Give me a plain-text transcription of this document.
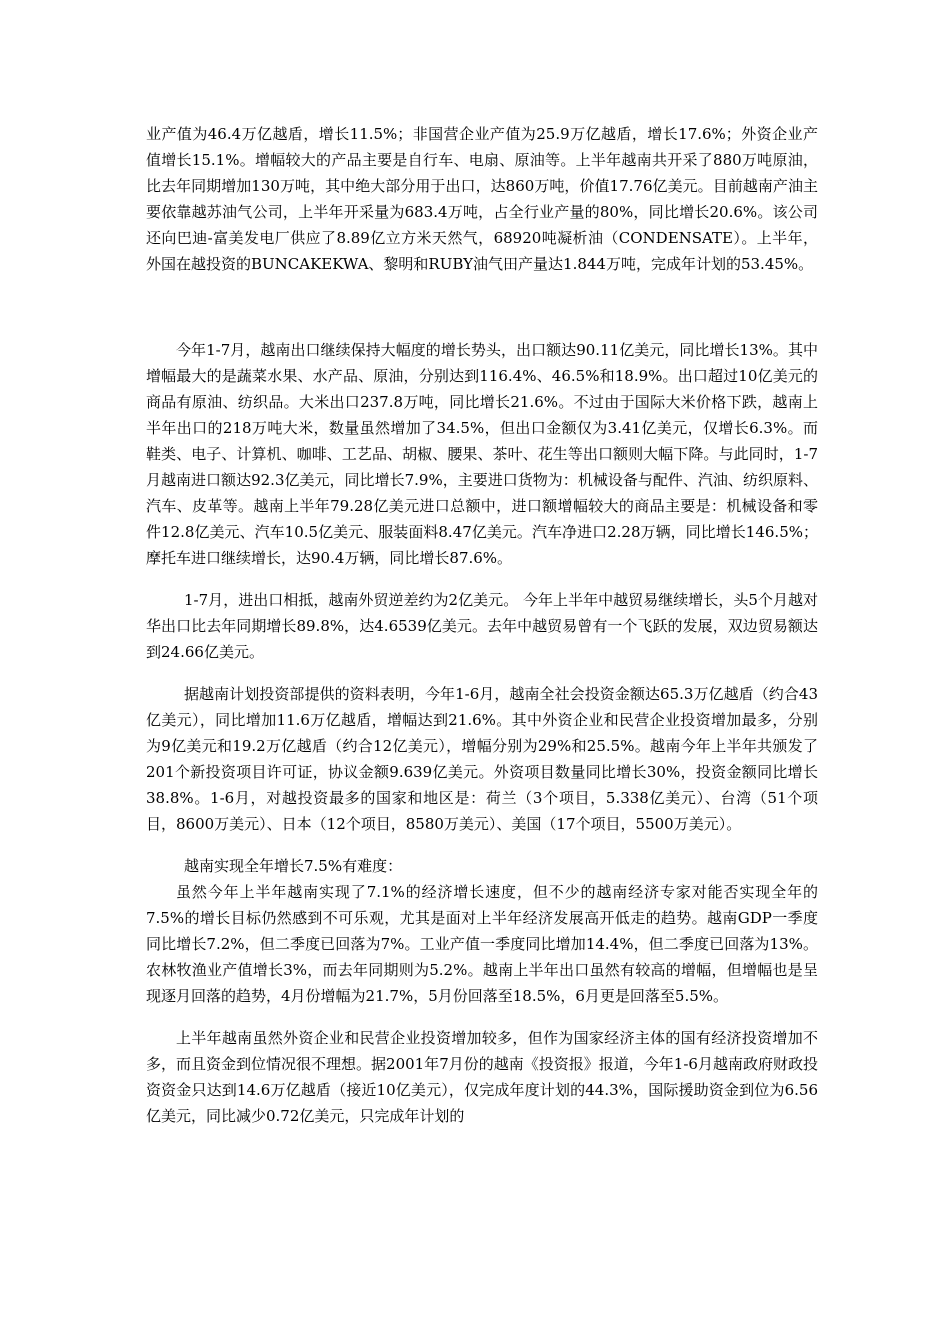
业产值为46.4万亿越盾，增长11.5%；非国营企业产值为25.9万亿越盾，增长17.6%；外资企业产值增长15.1%。增幅较大的产品主要是自行车、电扇、原油等。上半年越南共开采了880万吨原油，比去年同期增加130万吨，其中绝大部分用于出口，达860万吨，价值17.76亿美元。目前越南产油主要依靠越苏油气公司，上半年开采量为683.4万吨，占全行业产量的80%，同比增长20.6%。该公司还向巴迪-富美发电厂供应了8.89亿立方米天然气，68920吨凝析油（CONDENSATE）。上半年，外国在越投资的BUNCAKEKWA、黎明和RUBY油气田产量达1.844万吨，完成年计划的53.45%。

今年1-7月，越南出口继续保持大幅度的增长势头，出口额达90.11亿美元，同比增长13%。其中增幅最大的是蔬菜水果、水产品、原油，分别达到116.4%、46.5%和18.9%。出口超过10亿美元的商品有原油、纺织品。大米出口237.8万吨，同比增长21.6%。不过由于国际大米价格下跌，越南上半年出口的218万吨大米，数量虽然增加了34.5%，但出口金额仅为3.41亿美元，仅增长6.3%。而鞋类、电子、计算机、咖啡、工艺品、胡椒、腰果、茶叶、花生等出口额则大幅下降。与此同时，1-7月越南进口额达92.3亿美元，同比增长7.9%，主要进口货物为：机械设备与配件、汽油、纺织原料、汽车、皮革等。越南上半年79.28亿美元进口总额中，进口额增幅较大的商品主要是：机械设备和零件12.8亿美元、汽车10.5亿美元、服装面料8.47亿美元。汽车净进口2.28万辆，同比增长146.5%；摩托车进口继续增长，达90.4万辆，同比增长87.6%。

1-7月，进出口相抵，越南外贸逆差约为2亿美元。 今年上半年中越贸易继续增长，头5个月越对华出口比去年同期增长89.8%，达4.6539亿美元。去年中越贸易曾有一个飞跃的发展，双边贸易额达到24.66亿美元。

据越南计划投资部提供的资料表明，今年1-6月，越南全社会投资金额达65.3万亿越盾（约合43亿美元），同比增加11.6万亿越盾，增幅达到21.6%。其中外资企业和民营企业投资增加最多，分别为9亿美元和19.2万亿越盾（约合12亿美元），增幅分别为29%和25.5%。越南今年上半年共颁发了201个新投资项目许可证，协议金额9.639亿美元。外资项目数量同比增长30%，投资金额同比增长38.8%。1-6月，对越投资最多的国家和地区是：荷兰（3个项目，5.338亿美元）、台湾（51个项目，8600万美元）、日本（12个项目，8580万美元）、美国（17个项目，5500万美元）。

越南实现全年增长7.5%有难度：

虽然今年上半年越南实现了7.1%的经济增长速度，但不少的越南经济专家对能否实现全年的7.5%的增长目标仍然感到不可乐观，尤其是面对上半年经济发展高开低走的趋势。越南GDP一季度同比增长7.2%，但二季度已回落为7%。工业产值一季度同比增加14.4%，但二季度已回落为13%。农林牧渔业产值增长3%，而去年同期则为5.2%。越南上半年出口虽然有较高的增幅，但增幅也是呈现逐月回落的趋势，4月份增幅为21.7%，5月份回落至18.5%，6月更是回落至5.5%。

上半年越南虽然外资企业和民营企业投资增加较多，但作为国家经济主体的国有经济投资增加不多，而且资金到位情况很不理想。据2001年7月份的越南《投资报》报道，今年1-6月越南政府财政投资资金只达到14.6万亿越盾（接近10亿美元），仅完成年度计划的44.3%，国际援助资金到位为6.56亿美元，同比减少0.72亿美元，只完成年计划的
